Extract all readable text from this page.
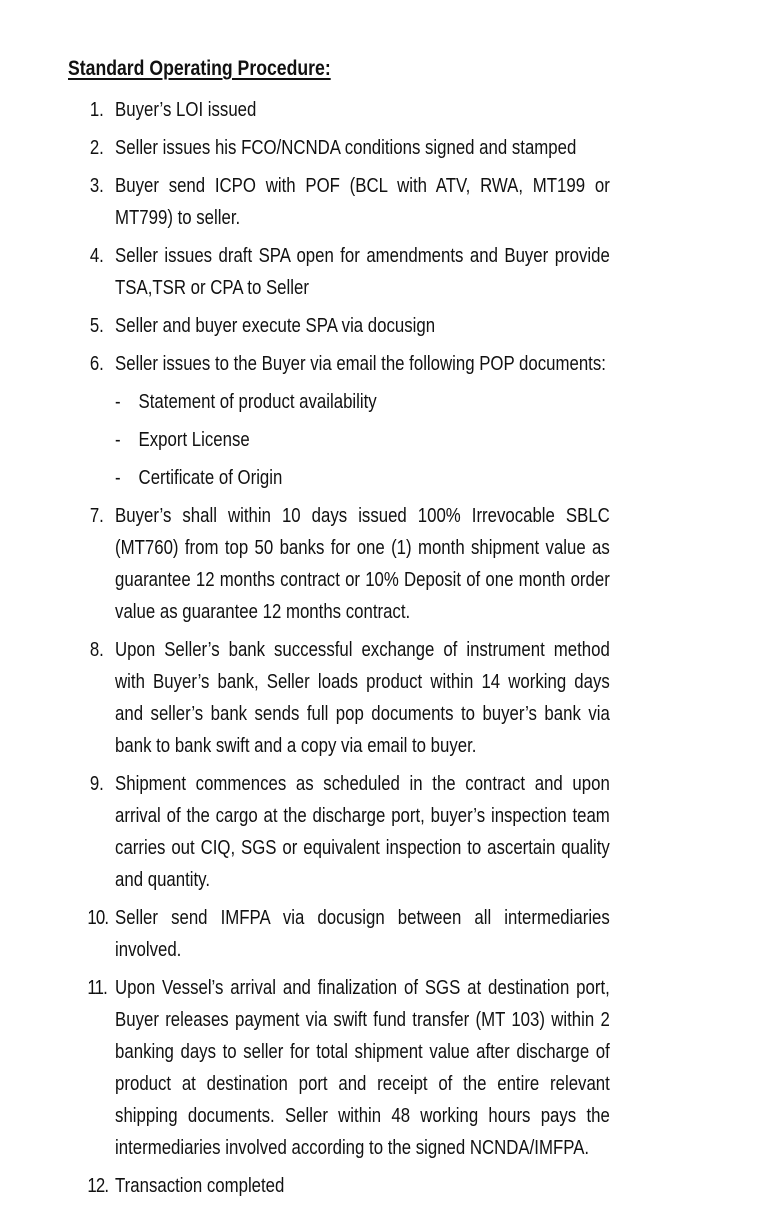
Standard Operating Procedure:
1. Buyer’s LOI issued
2. Seller issues his FCO/NCNDA conditions signed and stamped
3. Buyer send ICPO with POF (BCL with ATV, RWA, MT199 or MT799) to seller.
4. Seller issues draft SPA open for amendments and Buyer provide TSA,TSR or CPA to Seller
5. Seller and buyer execute SPA via docusign
6. Seller issues to the Buyer via email the following POP documents:
- Statement of product availability
- Export License
- Certificate of Origin
7. Buyer’s shall within 10 days issued 100% Irrevocable SBLC (MT760) from top 50 banks for one (1) month shipment value as guarantee 12 months contract or 10% Deposit of one month order value as guarantee 12 months contract.
8. Upon Seller’s bank successful exchange of instrument method with Buyer’s bank, Seller loads product within 14 working days and seller’s bank sends full pop documents to buyer’s bank via bank to bank swift and a copy via email to buyer.
9. Shipment commences as scheduled in the contract and upon arrival of the cargo at the discharge port, buyer’s inspection team carries out CIQ, SGS or equivalent inspection to ascertain quality and quantity.
10. Seller send IMFPA via docusign between all intermediaries involved.
11. Upon Vessel’s arrival and finalization of SGS at destination port, Buyer releases payment via swift fund transfer (MT 103) within 2 banking days to seller for total shipment value after discharge of product at destination port and receipt of the entire relevant shipping documents. Seller within 48 working hours pays the intermediaries involved according to the signed NCNDA/IMFPA.
12. Transaction completed
